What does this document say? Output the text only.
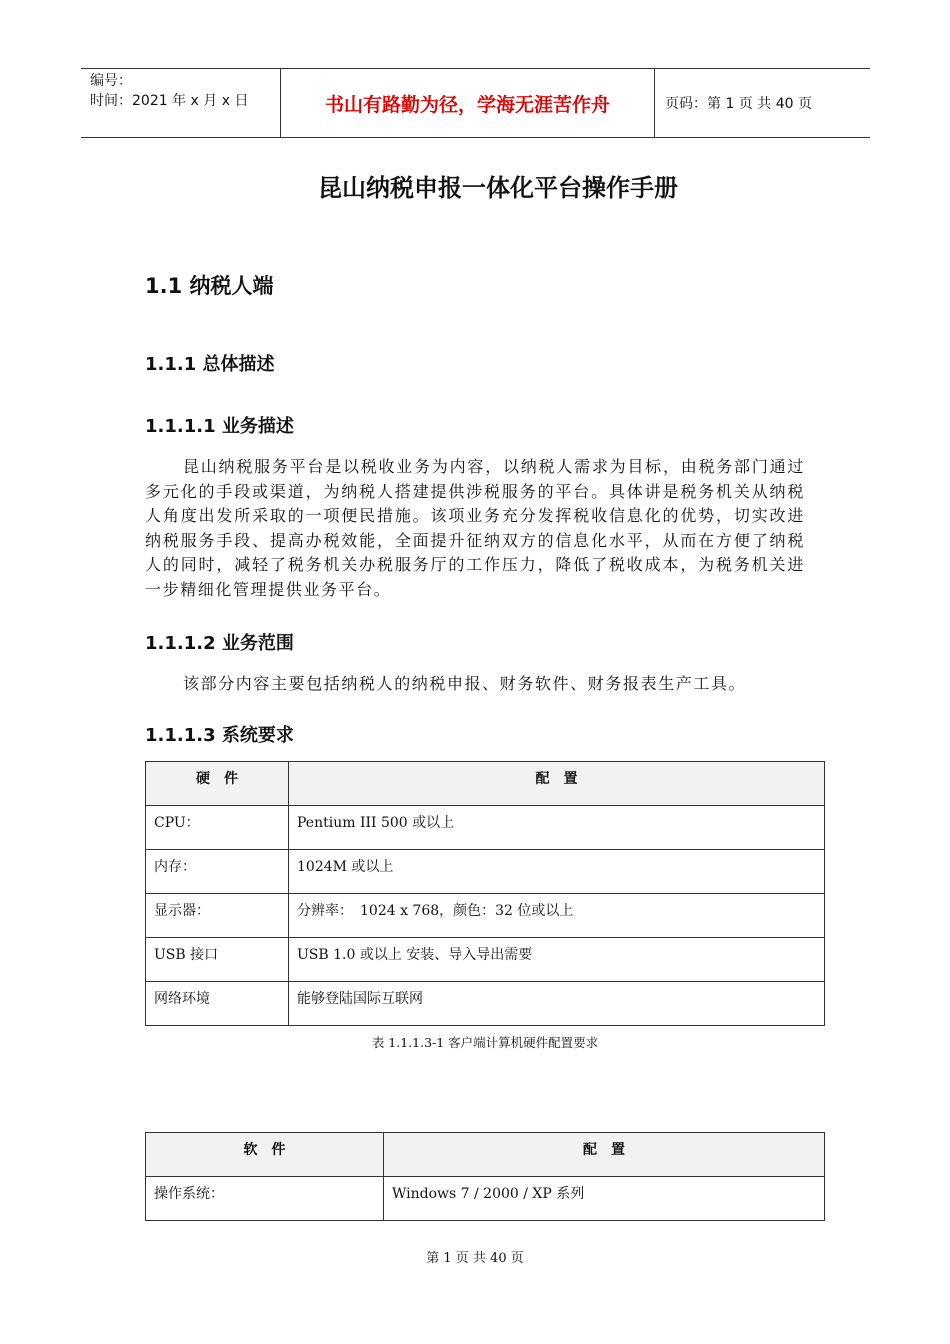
编号：
时间：2021 年 x 月 x 日	书山有路勤为径，学海无涯苦作舟	页码：第 1 页 共 40 页
昆山纳税申报一体化平台操作手册
1.1 纳税人端
1.1.1 总体描述
1.1.1.1 业务描述
昆山纳税服务平台是以税收业务为内容，以纳税人需求为目标，由税务部门通过多元化的手段或渠道，为纳税人搭建提供涉税服务的平台。具体讲是税务机关从纳税人角度出发所采取的一项便民措施。该项业务充分发挥税收信息化的优势，切实改进纳税服务手段、提高办税效能，全面提升征纳双方的信息化水平，从而在方便了纳税人的同时，减轻了税务机关办税服务厅的工作压力，降低了税收成本，为税务机关进一步精细化管理提供业务平台。
1.1.1.2 业务范围
该部分内容主要包括纳税人的纳税申报、财务软件、财务报表生产工具。
1.1.1.3 系统要求
硬　件	配　置
CPU：	Pentium III 500 或以上
内存：	1024M 或以上
显示器：	分辨率：　1024 x 768，颜色：32 位或以上
USB 接口	USB 1.0 或以上 安装、导入导出需要
网络环境	能够登陆国际互联网
表 1.1.1.3-1 客户端计算机硬件配置要求
软　件	配　置
操作系统：	Windows 7 / 2000 / XP 系列
第 1 页 共 40 页
